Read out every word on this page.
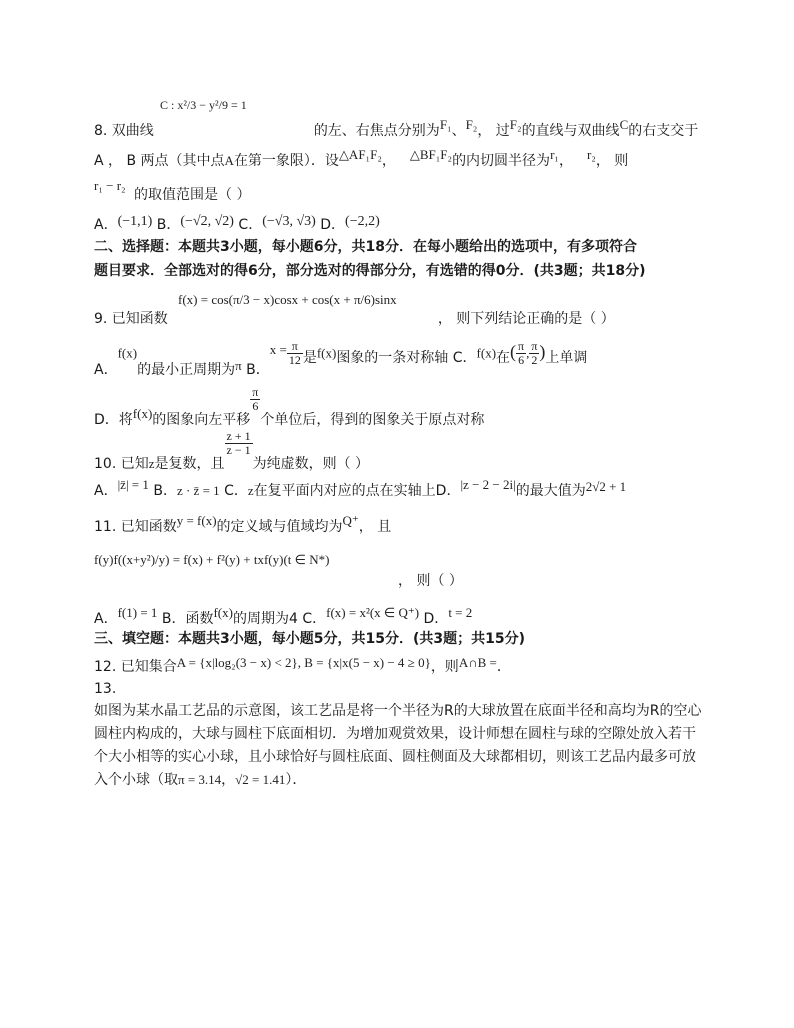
C : x²/3 − y²/9 = 1
8. 双曲线	的左、右焦点分别为F₁、F₂， 过F₂的直线与双曲线C的右支交于
A ， B 两点（其中点A在第一象限）．设△AF₁F₂， △BF₁F₂的内切圆半径为r₁， r₂， 则
r₁ − r₂
的取值范围是（ ）
A．(−1,1) B．(−√2, √2) C．(−√3, √3) D．(−2,2)
二、选择题：本题共3小题，每小题6分，共18分．在每小题给出的选项中，有多项符合
题目要求．全部选对的得6分，部分选对的得部分分，有选错的得0分．(共3题；共18分)
f(x) = cos(π/3 − x)cosx + cos(x + π/6)sinx
9. 已知函数	， 则下列结论正确的是（ ）
A．f(x)的最小正周期为π B．$x = \frac{\pi}{12}$ 是f(x)图象的一条对称轴 C．f(x)在( $\frac{\pi}{6}$ , $\frac{\pi}{2}$ )上单调
D．将f(x)的图象向左平移
$\frac{\pi}{6}$
个单位后，得到的图象关于原点对称
10. 已知z是复数，且
$\frac{z + 1}{z - 1}$
为纯虚数，则（ ）
A．|z̄| = 1 B．z · z̄ = 1 C．z在复平面内对应的点在实轴上D．|z − 2 − 2i|的最大值为2√2 + 1
11. 已知函数y = f(x)的定义域与值域均为Q⁺， 且
f(y)f((x+y²)/y) = f(x) + f²(y) + txf(y)(t ∈ N*)
， 则（ ）
A．f(1) = 1 B．函数f(x)的周期为4 C．f(x) = x²(x ∈ Q⁺) D．t = 2
三、填空题：本题共3小题，每小题5分，共15分．(共3题；共15分)
12. 已知集合A = {x|log₂(3 − x) < 2}, B = {x|x(5 − x) − 4 ≥ 0}，则A∩B =．
13.
如图为某水晶工艺品的示意图，该工艺品是将一个半径为R的大球放置在底面半径和高均为R的空心圆柱内构成的，大球与圆柱下底面相切．为增加观赏效果，设计师想在圆柱与球的空隙处放入若干个大小相等的实心小球，且小球恰好与圆柱底面、圆柱侧面及大球都相切，则该工艺品内最多可放入个小球（取π = 3.14，√2 = 1.41）．
